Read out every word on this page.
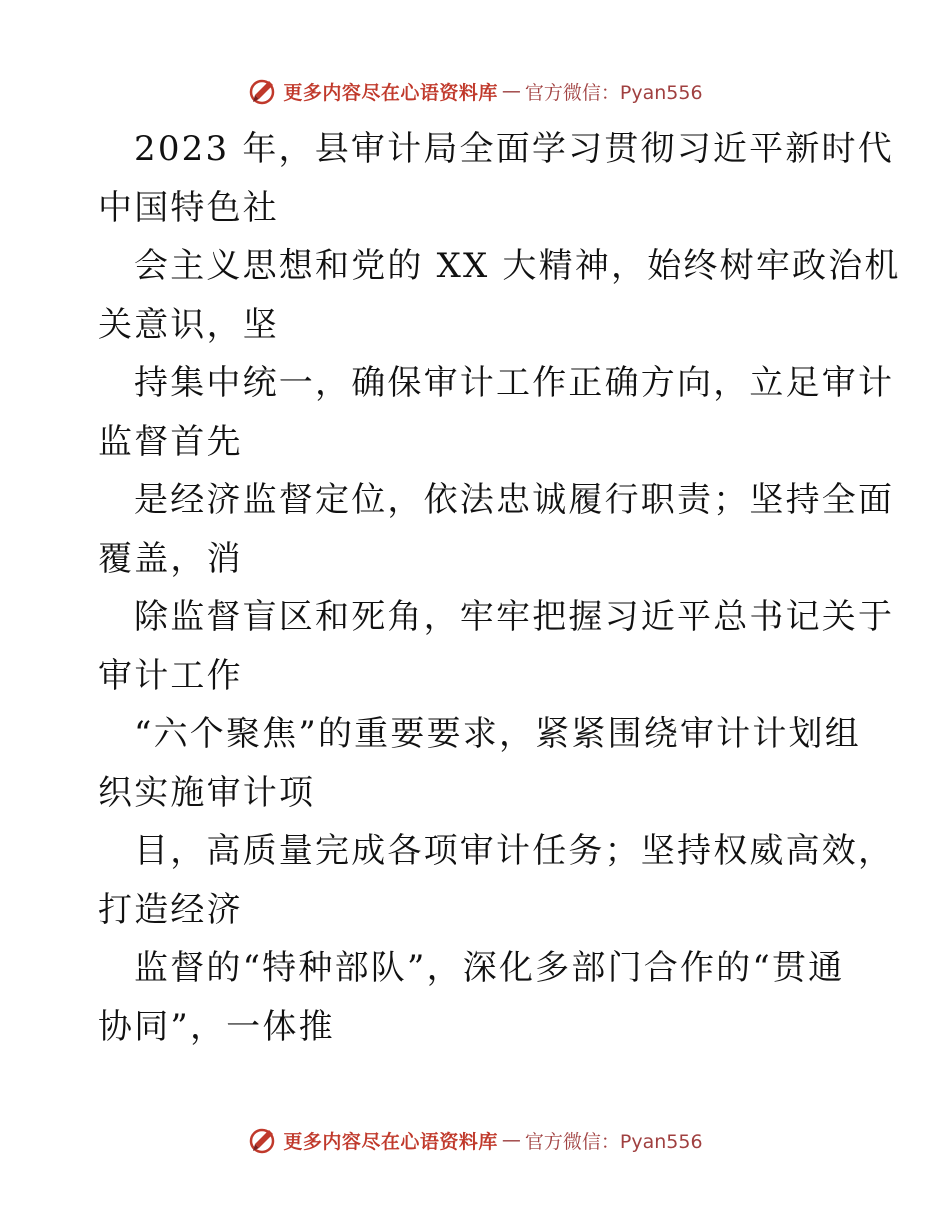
更多内容尽在心语资料库 — 官方微信：Pyan556
2023 年，县审计局全面学习贯彻习近平新时代
中国特色社
会主义思想和党的 XX 大精神，始终树牢政治机
关意识，坚
持集中统一，确保审计工作正确方向，立足审计
监督首先
是经济监督定位，依法忠诚履行职责；坚持全面
覆盖，消
除监督盲区和死角，牢牢把握习近平总书记关于
审计工作
“六个聚焦”的重要要求，紧紧围绕审计计划组
织实施审计项
目，高质量完成各项审计任务；坚持权威高效，
打造经济
监督的“特种部队”，深化多部门合作的“贯通
协同”，一体推
更多内容尽在心语资料库 — 官方微信：Pyan556
